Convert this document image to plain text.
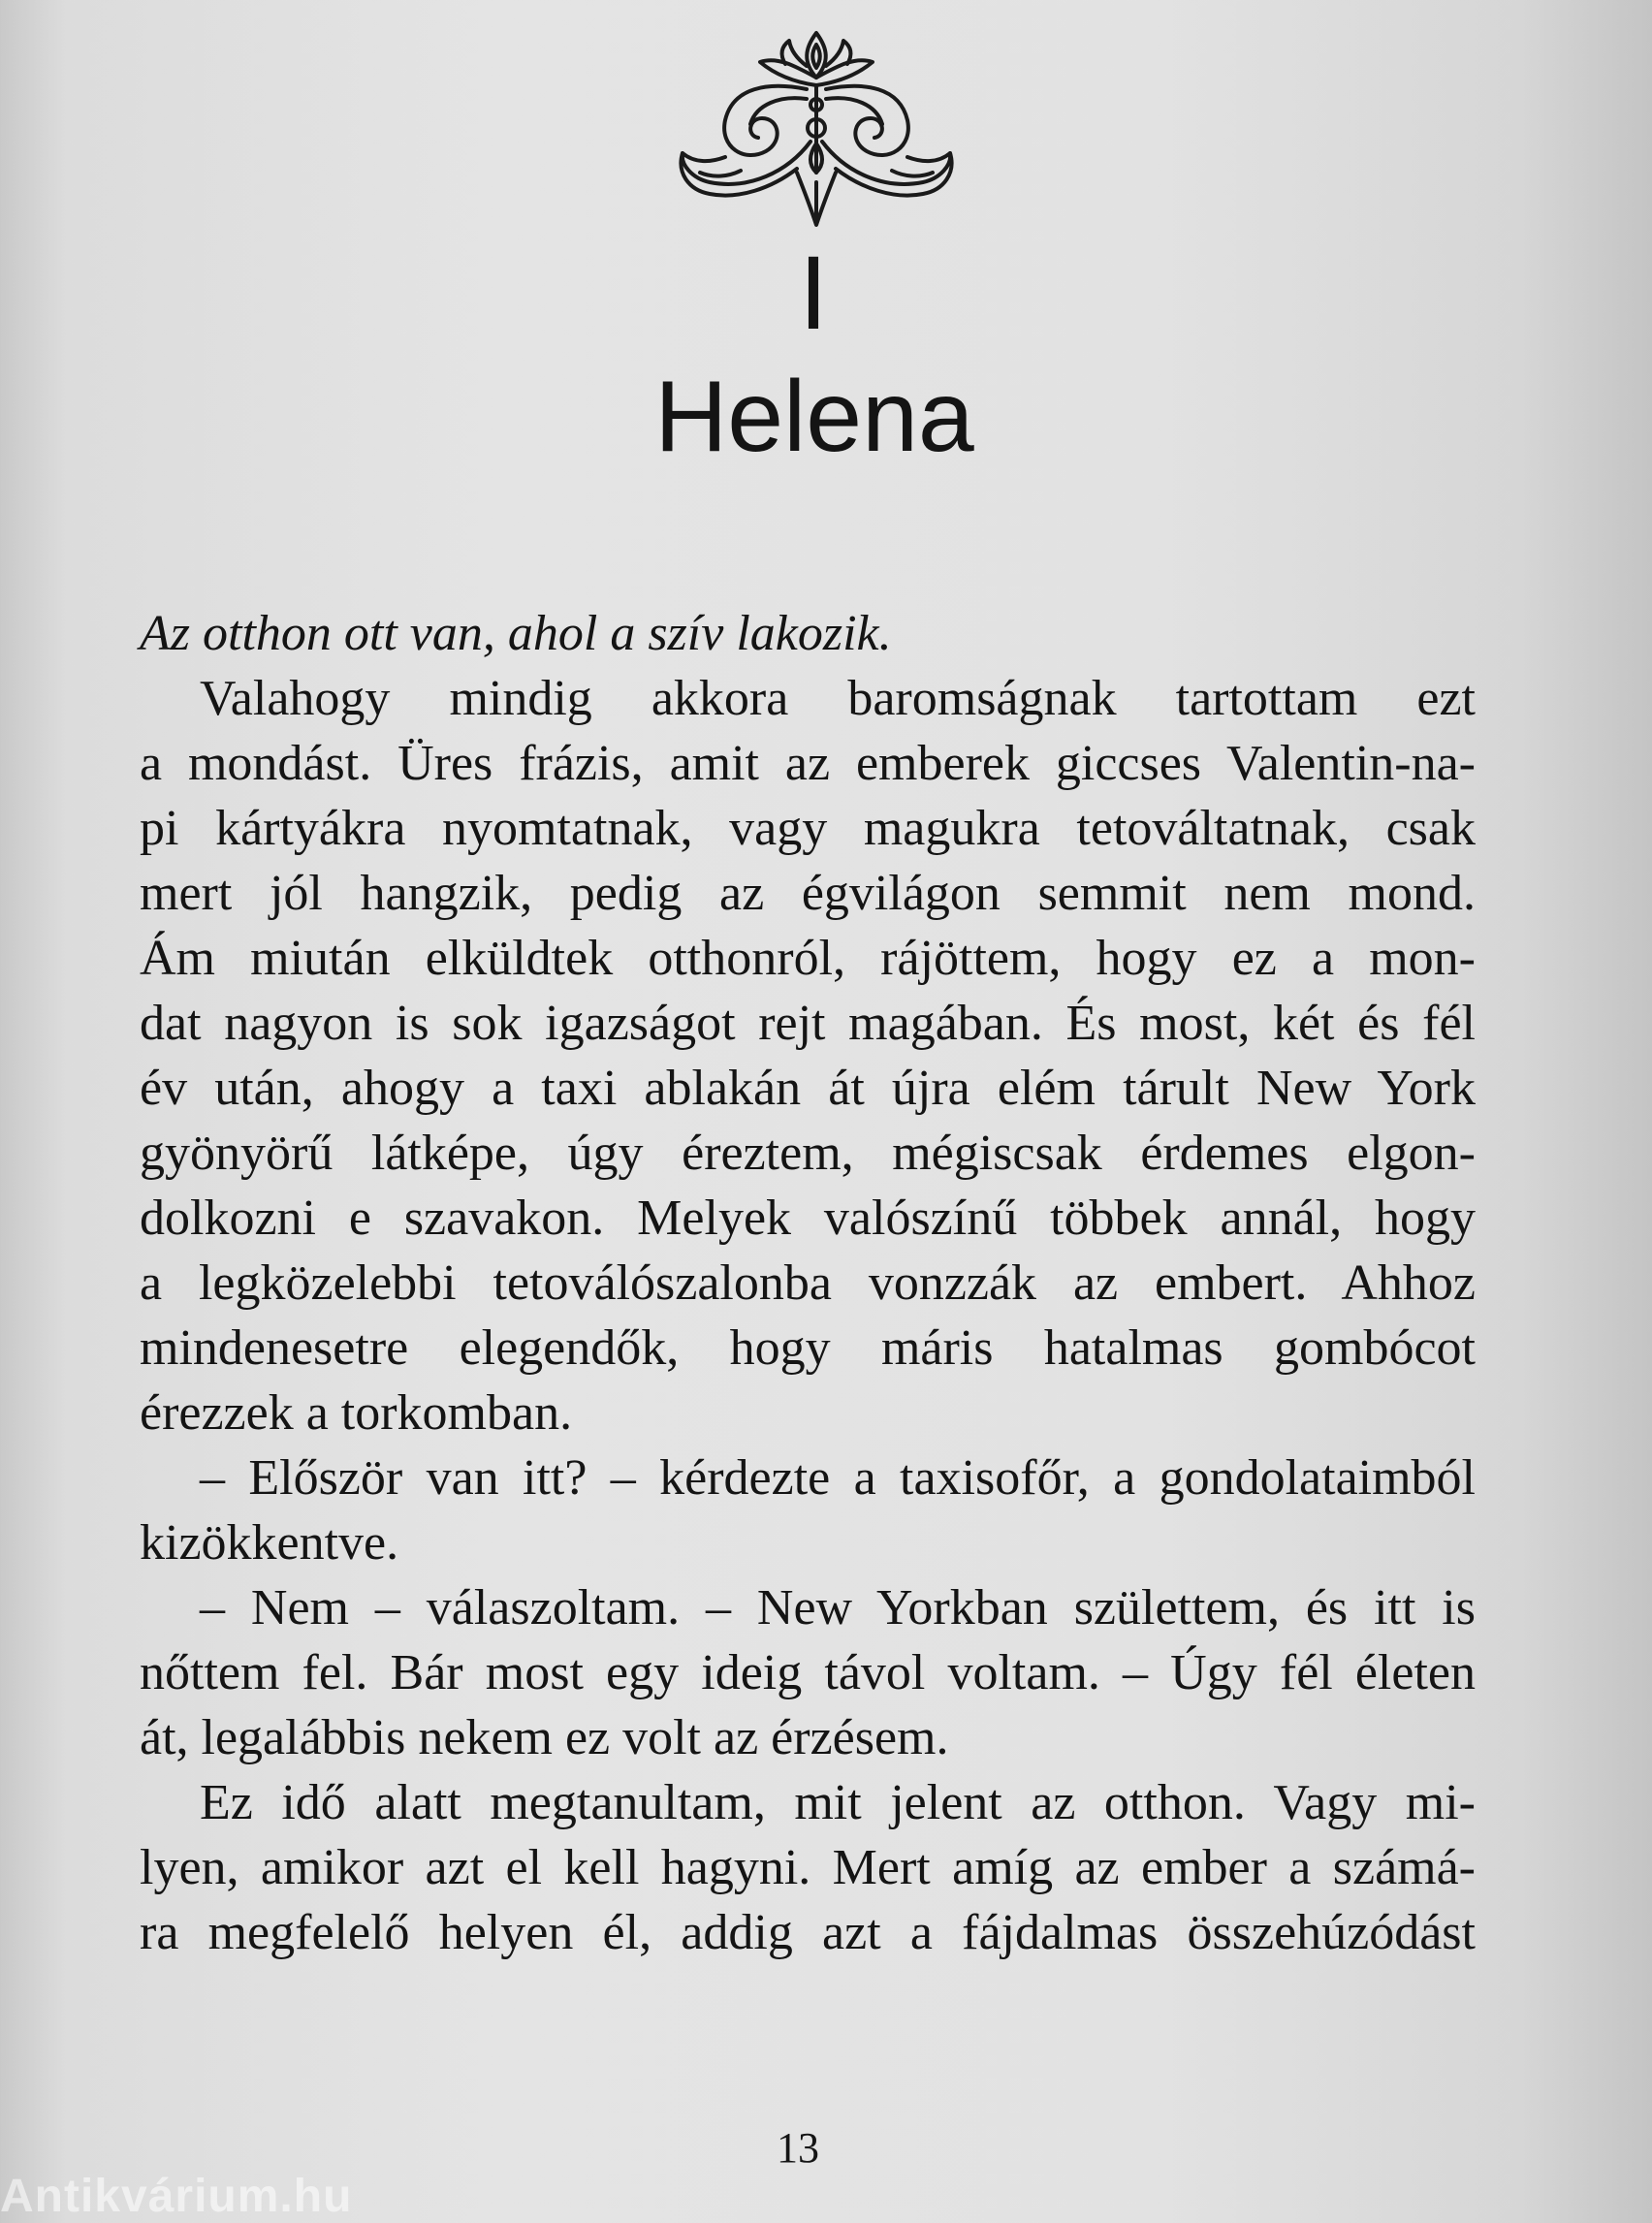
I
Helena
Az otthon ott van, ahol a szív lakozik.
Valahogy mindig akkora baromságnak tartottam ezt
a mondást. Üres frázis, amit az emberek giccses Valentin-na-
pi kártyákra nyomtatnak, vagy magukra tetováltatnak, csak
mert jól hangzik, pedig az égvilágon semmit nem mond.
Ám miután elküldtek otthonról, rájöttem, hogy ez a mon-
dat nagyon is sok igazságot rejt magában. És most, két és fél
év után, ahogy a taxi ablakán át újra elém tárult New York
gyönyörű látképe, úgy éreztem, mégiscsak érdemes elgon-
dolkozni e szavakon. Melyek valószínű többek annál, hogy
a legközelebbi tetoválószalonba vonzzák az embert. Ahhoz
mindenesetre elegendők, hogy máris hatalmas gombócot
érezzek a torkomban.
– Először van itt? – kérdezte a taxisofőr, a gondolataimból
kizökkentve.
– Nem – válaszoltam. – New Yorkban születtem, és itt is
nőttem fel. Bár most egy ideig távol voltam. – Úgy fél életen
át, legalábbis nekem ez volt az érzésem.
Ez idő alatt megtanultam, mit jelent az otthon. Vagy mi-
lyen, amikor azt el kell hagyni. Mert amíg az ember a számá-
ra megfelelő helyen él, addig azt a fájdalmas összehúzódást
13
Antikvárium.hu
